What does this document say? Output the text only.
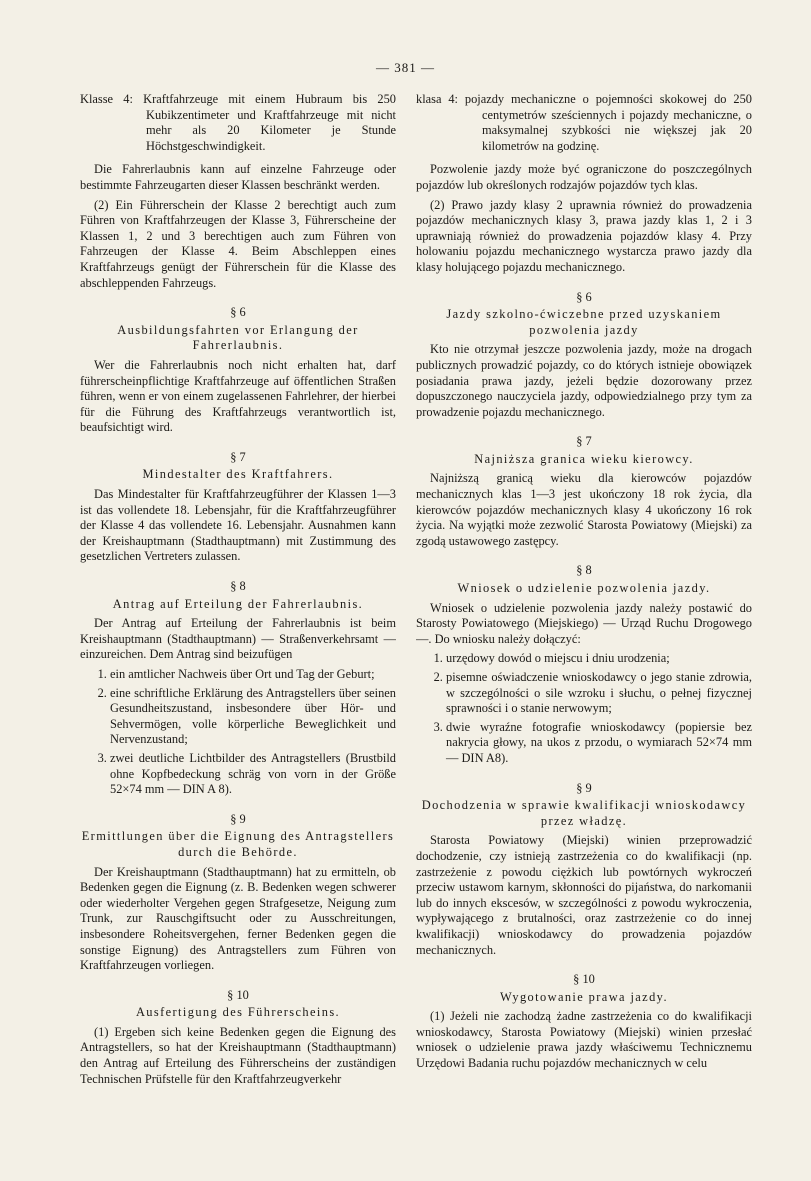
— 381 —

Klasse 4: Kraftfahrzeuge mit einem Hubraum bis 250 Kubikzentimeter und Kraftfahrzeuge mit nicht mehr als 20 Kilometer je Stunde Höchstgeschwindigkeit.

Die Fahrerlaubnis kann auf einzelne Fahrzeuge oder bestimmte Fahrzeugarten dieser Klassen beschränkt werden.

(2) Ein Führerschein der Klasse 2 berechtigt auch zum Führen von Kraftfahrzeugen der Klasse 3, Führerscheine der Klassen 1, 2 und 3 berechtigen auch zum Führen von Fahrzeugen der Klasse 4. Beim Abschleppen eines Kraftfahrzeugs genügt der Führerschein für die Klasse des abschleppenden Fahrzeugs.

§ 6
Ausbildungsfahrten vor Erlangung der Fahrerlaubnis.

Wer die Fahrerlaubnis noch nicht erhalten hat, darf führerscheinpflichtige Kraftfahrzeuge auf öffentlichen Straßen führen, wenn er von einem zugelassenen Fahrlehrer, der hierbei für die Führung des Kraftfahrzeugs verantwortlich ist, beaufsichtigt wird.

§ 7
Mindestalter des Kraftfahrers.

Das Mindestalter für Kraftfahrzeugführer der Klassen 1—3 ist das vollendete 18. Lebensjahr, für die Kraftfahrzeugführer der Klasse 4 das vollendete 16. Lebensjahr. Ausnahmen kann der Kreishauptmann (Stadthauptmann) mit Zustimmung des gesetzlichen Vertreters zulassen.

§ 8
Antrag auf Erteilung der Fahrerlaubnis.

Der Antrag auf Erteilung der Fahrerlaubnis ist beim Kreishauptmann (Stadthauptmann) — Straßenverkehrsamt — einzureichen. Dem Antrag sind beizufügen

1. ein amtlicher Nachweis über Ort und Tag der Geburt;
2. eine schriftliche Erklärung des Antragstellers über seinen Gesundheitszustand, insbesondere über Hör- und Sehvermögen, volle körperliche Beweglichkeit und Nervenzustand;
3. zwei deutliche Lichtbilder des Antragstellers (Brustbild ohne Kopfbedeckung schräg von vorn in der Größe 52×74 mm — DIN A 8).
§ 9
Ermittlungen über die Eignung des Antragstellers durch die Behörde.

Der Kreishauptmann (Stadthauptmann) hat zu ermitteln, ob Bedenken gegen die Eignung (z. B. Bedenken wegen schwerer oder wiederholter Vergehen gegen Strafgesetze, Neigung zum Trunk, zur Rauschgiftsucht oder zu Ausschreitungen, insbesondere Roheitsvergehen, ferner Bedenken gegen die sonstige Eignung) des Antragstellers zum Führen von Kraftfahrzeugen vorliegen.

§ 10
Ausfertigung des Führerscheins.

(1) Ergeben sich keine Bedenken gegen die Eignung des Antragstellers, so hat der Kreishauptmann (Stadthauptmann) den Antrag auf Erteilung des Führerscheins der zuständigen Technischen Prüfstelle für den Kraftfahrzeugverkehr

klasa 4: pojazdy mechaniczne o pojemności skokowej do 250 centymetrów sześciennych i pojazdy mechaniczne, o maksymalnej szybkości nie większej jak 20 kilometrów na godzinę.

Pozwolenie jazdy może być ograniczone do poszczególnych pojazdów lub określonych rodzajów pojazdów tych klas.

(2) Prawo jazdy klasy 2 uprawnia również do prowadzenia pojazdów mechanicznych klasy 3, prawa jazdy klas 1, 2 i 3 uprawniają również do prowadzenia pojazdów klasy 4. Przy holowaniu pojazdu mechanicznego wystarcza prawo jazdy dla klasy holującego pojazdu mechanicznego.

§ 6
Jazdy szkolno-ćwiczebne przed uzyskaniem pozwolenia jazdy

Kto nie otrzymał jeszcze pozwolenia jazdy, może na drogach publicznych prowadzić pojazdy, co do których istnieje obowiązek posiadania prawa jazdy, jeżeli będzie dozorowany przez dopuszczonego nauczyciela jazdy, odpowiedzialnego przy tym za prowadzenie pojazdu mechanicznego.

§ 7
Najniższa granica wieku kierowcy.

Najniższą granicą wieku dla kierowców pojazdów mechanicznych klas 1—3 jest ukończony 18 rok życia, dla kierowców pojazdów mechanicznych klasy 4 ukończony 16 rok życia. Na wyjątki może zezwolić Starosta Powiatowy (Miejski) za zgodą ustawowego zastępcy.

§ 8
Wniosek o udzielenie pozwolenia jazdy.

Wniosek o udzielenie pozwolenia jazdy należy postawić do Starosty Powiatowego (Miejskiego) — Urząd Ruchu Drogowego —. Do wniosku należy dołączyć:

1. urzędowy dowód o miejscu i dniu urodzenia;
2. pisemne oświadczenie wnioskodawcy o jego stanie zdrowia, w szczególności o sile wzroku i słuchu, o pełnej fizycznej sprawności i o stanie nerwowym;
3. dwie wyraźne fotografie wnioskodawcy (popiersie bez nakrycia głowy, na ukos z przodu, o wymiarach 52×74 mm — DIN A8).
§ 9
Dochodzenia w sprawie kwalifikacji wnioskodawcy przez władzę.

Starosta Powiatowy (Miejski) winien przeprowadzić dochodzenie, czy istnieją zastrzeżenia co do kwalifikacji (np. zastrzeżenie z powodu ciężkich lub powtórnych wykroczeń przeciw ustawom karnym, skłonności do pijaństwa, do narkomanii lub do innych ekscesów, w szczególności z powodu wykroczenia, wypływającego z brutalności, oraz zastrzeżenie co do innej kwalifikacji) wnioskodawcy do prowadzenia pojazdów mechanicznych.

§ 10
Wygotowanie prawa jazdy.

(1) Jeżeli nie zachodzą żadne zastrzeżenia co do kwalifikacji wnioskodawcy, Starosta Powiatowy (Miejski) winien przesłać wniosek o udzielenie prawa jazdy właściwemu Technicznemu Urzędowi Badania ruchu pojazdów mechanicznych w celu
